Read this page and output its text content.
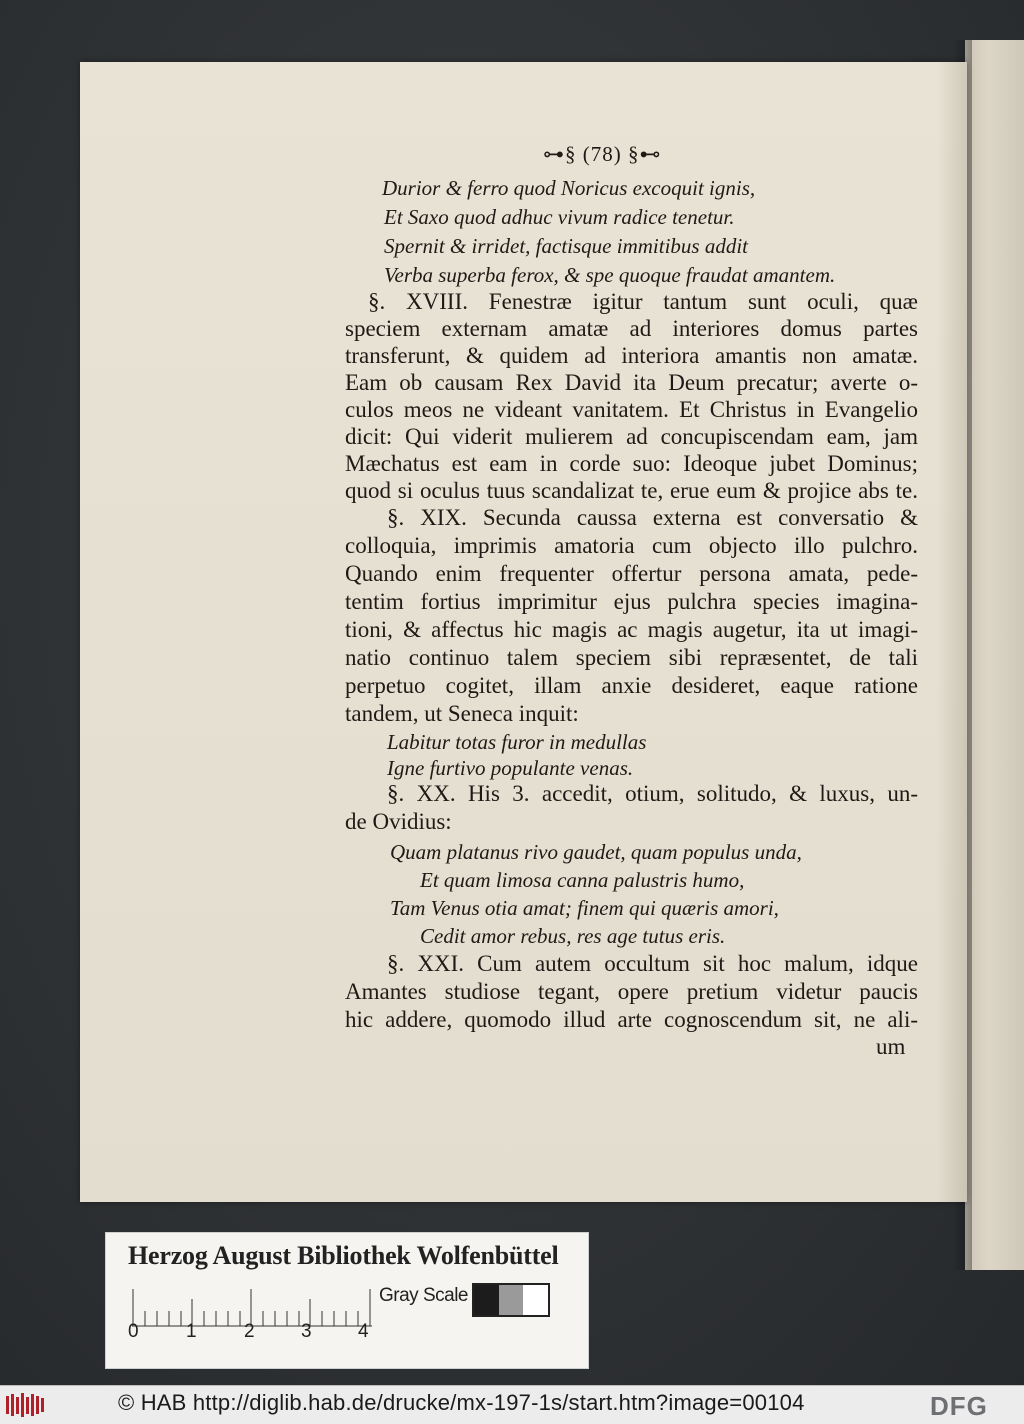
⊶§ (78) §⊷
Durior & ferro quod Noricus excoquit ignis,
Et Saxo quod adhuc vivum radice tenetur.
Spernit & irridet, factisque immitibus addit
Verba superba ferox, & spe quoque fraudat amantem.
§. XVIII. Fenestræ igitur tantum sunt oculi, quæ
speciem externam amatæ ad interiores domus partes
transferunt, & quidem ad interiora amantis non amatæ.
Eam ob causam Rex David ita Deum precatur; averte o-
culos meos ne videant vanitatem. Et Christus in Evangelio
dicit: Qui viderit mulierem ad concupiscendam eam, jam
Mæchatus est eam in corde suo: Ideoque jubet Dominus;
quod si oculus tuus scandalizat te, erue eum & projice abs te.
§. XIX. Secunda caussa externa est conversatio &
colloquia, imprimis amatoria cum objecto illo pulchro.
Quando enim frequenter offertur persona amata, pede-
tentim fortius imprimitur ejus pulchra species imagina-
tioni, & affectus hic magis ac magis augetur, ita ut imagi-
natio continuo talem speciem sibi repræsentet, de tali
perpetuo cogitet, illam anxie desideret, eaque ratione
tandem, ut Seneca inquit:
Labitur totas furor in medullas
Igne furtivo populante venas.
§. XX. His 3. accedit, otium, solitudo, & luxus, un-
de Ovidius:
Quam platanus rivo gaudet, quam populus unda,
Et quam limosa canna palustris humo,
Tam Venus otia amat; finem qui quæris amori,
Cedit amor rebus, res age tutus eris.
§. XXI. Cum autem occultum sit hoc malum, idque
Amantes studiose tegant, opere pretium videtur paucis
hic addere, quomodo illud arte cognoscendum sit, ne ali-
um
Herzog August Bibliothek Wolfenbüttel
0 1 2 3 4
Gray Scale
© HAB http://diglib.hab.de/drucke/mx-197-1s/start.htm?image=00104	DFG
